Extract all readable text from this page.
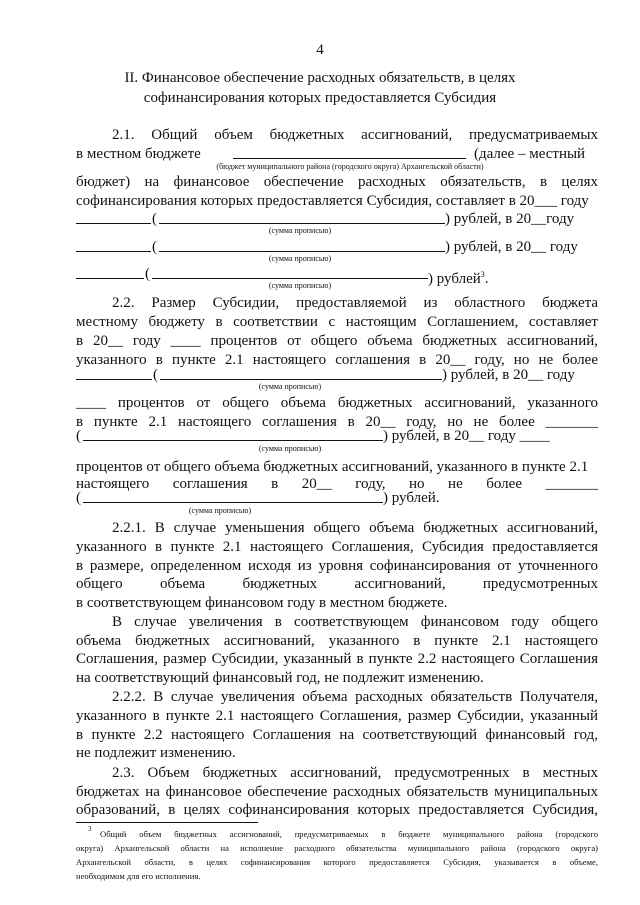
4
II. Финансовое обеспечение расходных обязательств, в целях
софинансирования которых предоставляется Субсидия
2.1. Общий объем бюджетных ассигнований, предусматриваемых
в местном бюджете	(далее – местный
(бюджет муниципального района (городского округа) Архангельской области)
бюджет) на финансовое обеспечение расходных обязательств, в целях
софинансирования которых предоставляется Субсидия, составляет в 20___ году
(	) рублей, в 20__году
(сумма прописью)
(	) рублей, в 20__ году
(сумма прописью)
(	) рублей$^3$.
(сумма прописью)
2.2. Размер Субсидии, предоставляемой из областного бюджета
местному бюджету в соответствии с настоящим Соглашением, составляет
в 20__ году ____ процентов от общего объема бюджетных ассигнований,
указанного в пункте 2.1 настоящего соглашения в 20__ году, но не более
(	) рублей, в 20__ году
(сумма прописью)
____ процентов от общего объема бюджетных ассигнований, указанного
в пункте 2.1 настоящего соглашения в 20__ году, но не более _______
(	) рублей, в 20__ году ____
(сумма прописью)
процентов от общего объема бюджетных ассигнований, указанного в пункте 2.1
настоящего соглашения в 20__ году, но не более _______
(	) рублей.
(сумма прописью)
2.2.1. В случае уменьшения общего объема бюджетных ассигнований,
указанного в пункте 2.1 настоящего Соглашения, Субсидия предоставляется
в размере, определенном исходя из уровня софинансирования от уточненного
общего объема бюджетных ассигнований, предусмотренных
в соответствующем финансовом году в местном бюджете.
В случае увеличения в соответствующем финансовом году общего
объема бюджетных ассигнований, указанного в пункте 2.1 настоящего
Соглашения, размер Субсидии, указанный в пункте 2.2 настоящего Соглашения
на соответствующий финансовый год, не подлежит изменению.
2.2.2. В случае увеличения объема расходных обязательств Получателя,
указанного в пункте 2.1 настоящего Соглашения, размер Субсидии, указанный
в пункте 2.2 настоящего Соглашения на соответствующий финансовый год,
не подлежит изменению.
2.3. Объем бюджетных ассигнований, предусмотренных в местных
бюджетах на финансовое обеспечение расходных обязательств муниципальных
образований, в целях софинансирования которых предоставляется Субсидия,
3 Общий объем бюджетных ассигнований, предусматриваемых в бюджете муниципального района (городского
округа) Архангельской области на исполнение расходного обязательства муниципального района (городского округа)
Архангельской области, в целях софинансирования которого предоставляется Субсидия, указывается в объеме,
необходимом для его исполнения.
